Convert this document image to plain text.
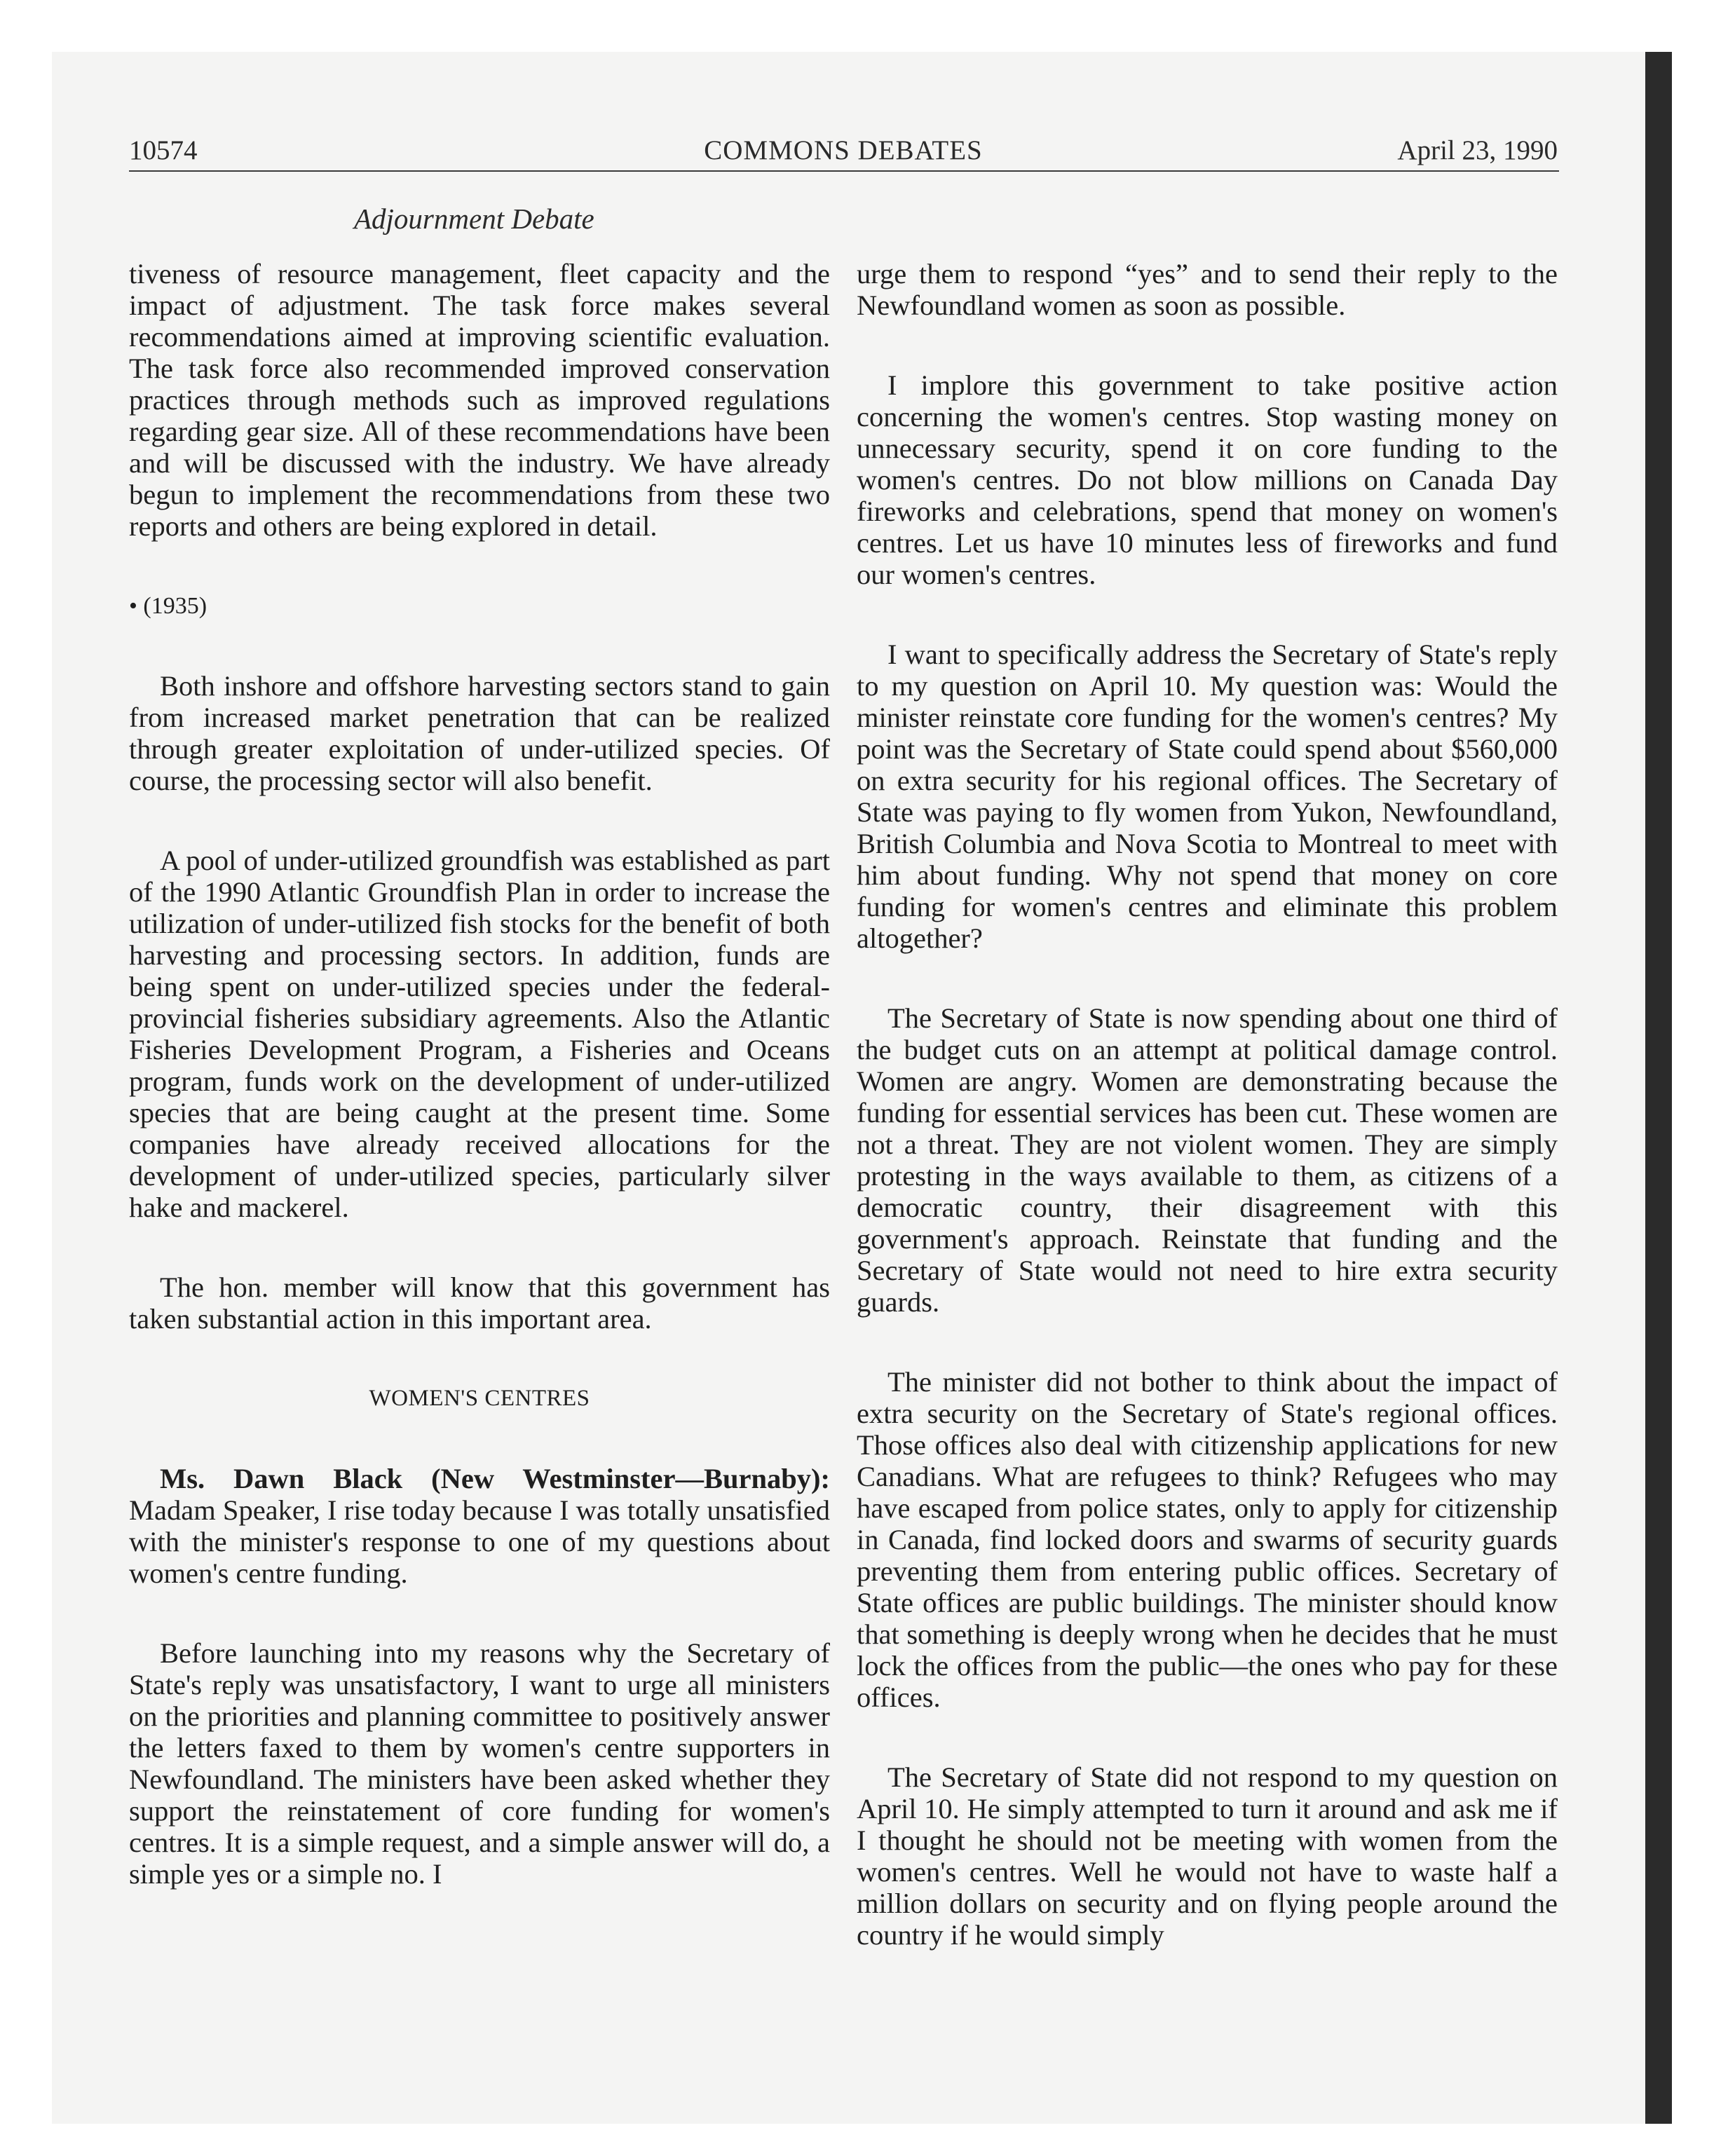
10574	COMMONS DEBATES	April 23, 1990
Adjournment Debate

tiveness of resource management, fleet capacity and the impact of adjustment. The task force makes several recommendations aimed at improving scientific evaluation. The task force also recommended improved conservation practices through methods such as improved regulations regarding gear size. All of these recommendations have been and will be discussed with the industry. We have already begun to implement the recommendations from these two reports and others are being explored in detail.

• (1935)

Both inshore and offshore harvesting sectors stand to gain from increased market penetration that can be realized through greater exploitation of under-utilized species. Of course, the processing sector will also benefit.

A pool of under-utilized groundfish was established as part of the 1990 Atlantic Groundfish Plan in order to increase the utilization of under-utilized fish stocks for the benefit of both harvesting and processing sectors. In addition, funds are being spent on under-utilized species under the federal-provincial fisheries subsidiary agreements. Also the Atlantic Fisheries Development Program, a Fisheries and Oceans program, funds work on the development of under-utilized species that are being caught at the present time. Some companies have already received allocations for the development of under-utilized species, particularly silver hake and mackerel.

The hon. member will know that this government has taken substantial action in this important area.

WOMEN'S CENTRES

Ms. Dawn Black (New Westminster—Burnaby): Madam Speaker, I rise today because I was totally unsatisfied with the minister's response to one of my questions about women's centre funding.

Before launching into my reasons why the Secretary of State's reply was unsatisfactory, I want to urge all ministers on the priorities and planning committee to positively answer the letters faxed to them by women's centre supporters in Newfoundland. The ministers have been asked whether they support the reinstatement of core funding for women's centres. It is a simple request, and a simple answer will do, a simple yes or a simple no. I

urge them to respond “yes” and to send their reply to the Newfoundland women as soon as possible.

I implore this government to take positive action concerning the women's centres. Stop wasting money on unnecessary security, spend it on core funding to the women's centres. Do not blow millions on Canada Day fireworks and celebrations, spend that money on women's centres. Let us have 10 minutes less of fireworks and fund our women's centres.

I want to specifically address the Secretary of State's reply to my question on April 10. My question was: Would the minister reinstate core funding for the women's centres? My point was the Secretary of State could spend about $560,000 on extra security for his regional offices. The Secretary of State was paying to fly women from Yukon, Newfoundland, British Columbia and Nova Scotia to Montreal to meet with him about funding. Why not spend that money on core funding for women's centres and eliminate this problem altogether?

The Secretary of State is now spending about one third of the budget cuts on an attempt at political damage control. Women are angry. Women are demonstrating because the funding for essential services has been cut. These women are not a threat. They are not violent women. They are simply protesting in the ways available to them, as citizens of a democratic country, their disagreement with this government's approach. Reinstate that funding and the Secretary of State would not need to hire extra security guards.

The minister did not bother to think about the impact of extra security on the Secretary of State's regional offices. Those offices also deal with citizenship applications for new Canadians. What are refugees to think? Refugees who may have escaped from police states, only to apply for citizenship in Canada, find locked doors and swarms of security guards preventing them from entering public offices. Secretary of State offices are public buildings. The minister should know that something is deeply wrong when he decides that he must lock the offices from the public—the ones who pay for these offices.

The Secretary of State did not respond to my question on April 10. He simply attempted to turn it around and ask me if I thought he should not be meeting with women from the women's centres. Well he would not have to waste half a million dollars on security and on flying people around the country if he would simply
